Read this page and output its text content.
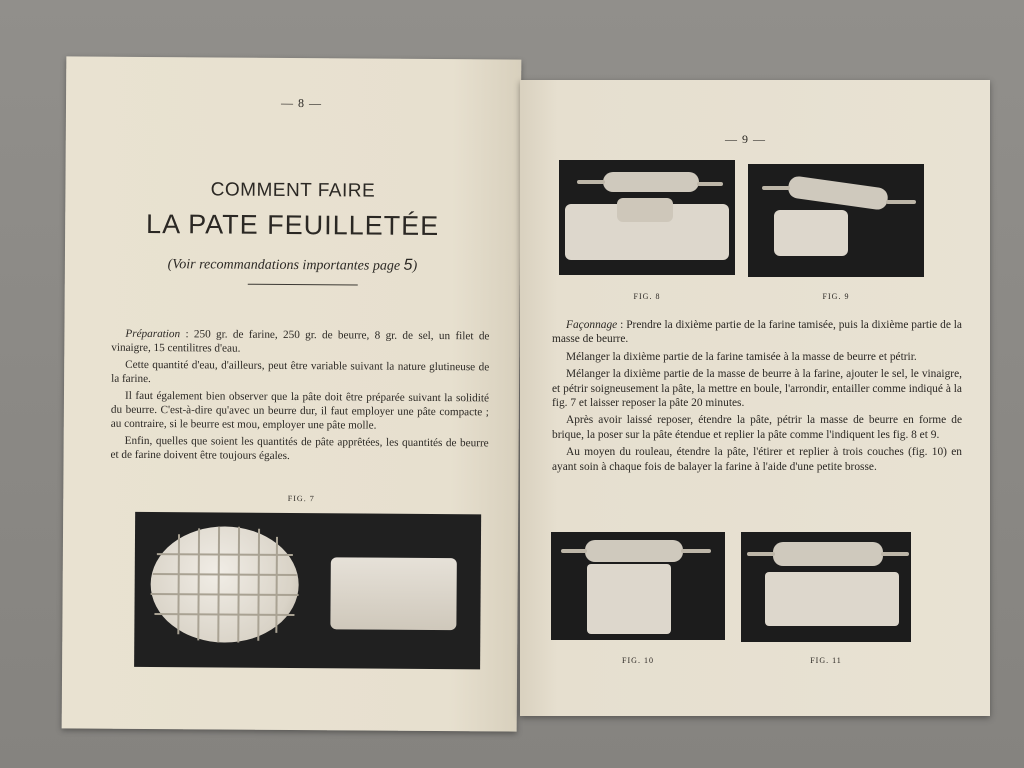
— 8 —
COMMENT FAIRE
LA PATE FEUILLETÉE
(Voir recommandations importantes page 5)

Préparation : 250 gr. de farine, 250 gr. de beurre, 8 gr. de sel, un filet de vinaigre, 15 centilitres d'eau.

Cette quantité d'eau, d'ailleurs, peut être variable suivant la nature glutineuse de la farine.

Il faut également bien observer que la pâte doit être préparée suivant la solidité du beurre. C'est-à-dire qu'avec un beurre dur, il faut employer une pâte compacte ; au contraire, si le beurre est mou, employer une pâte molle.

Enfin, quelles que soient les quantités de pâte apprêtées, les quantités de beurre et de farine doivent être toujours égales.

FIG. 7
— 9 —
FIG. 8	FIG. 9

Façonnage : Prendre la dixième partie de la farine tamisée, puis la dixième partie de la masse de beurre.

Mélanger la dixième partie de la farine tamisée à la masse de beurre et pétrir.

Mélanger la dixième partie de la masse de beurre à la farine, ajouter le sel, le vinaigre, et pétrir soigneusement la pâte, la mettre en boule, l'arrondir, entailler comme indiqué à la fig. 7 et laisser reposer la pâte 20 minutes.

Après avoir laissé reposer, étendre la pâte, pétrir la masse de beurre en forme de brique, la poser sur la pâte étendue et replier la pâte comme l'indiquent les fig. 8 et 9.

Au moyen du rouleau, étendre la pâte, l'étirer et replier à trois couches (fig. 10) en ayant soin à chaque fois de balayer la farine à l'aide d'une petite brosse.

FIG. 10	FIG. 11
